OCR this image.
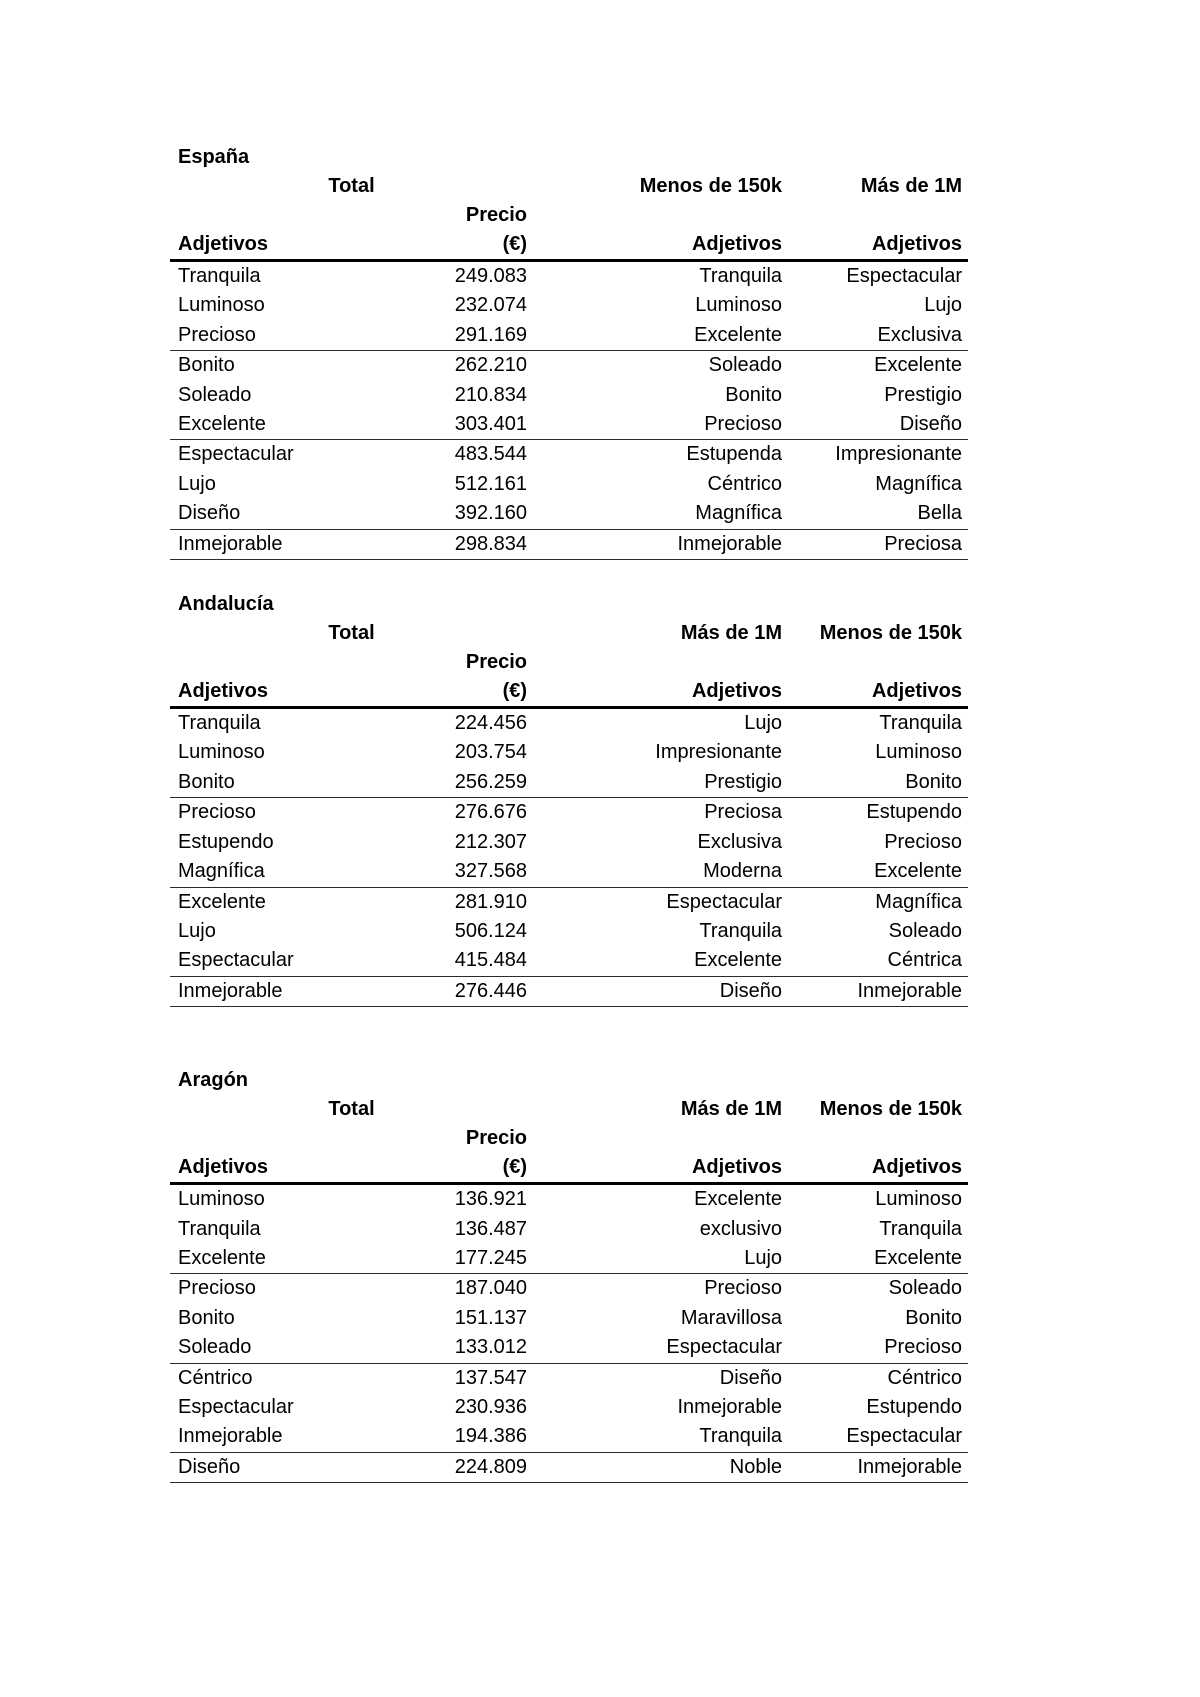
España
Total		Menos de 150k	Más de 1M
	Precio		
Adjetivos	(€)	Adjetivos	Adjetivos
Tranquila	249.083	Tranquila	Espectacular
Luminoso	232.074	Luminoso	Lujo
Precioso	291.169	Excelente	Exclusiva
Bonito	262.210	Soleado	Excelente
Soleado	210.834	Bonito	Prestigio
Excelente	303.401	Precioso	Diseño
Espectacular	483.544	Estupenda	Impresionante
Lujo	512.161	Céntrico	Magnífica
Diseño	392.160	Magnífica	Bella
Inmejorable	298.834	Inmejorable	Preciosa
Andalucía
Total		Más de 1M	Menos de 150k
	Precio		
Adjetivos	(€)	Adjetivos	Adjetivos
Tranquila	224.456	Lujo	Tranquila
Luminoso	203.754	Impresionante	Luminoso
Bonito	256.259	Prestigio	Bonito
Precioso	276.676	Preciosa	Estupendo
Estupendo	212.307	Exclusiva	Precioso
Magnífica	327.568	Moderna	Excelente
Excelente	281.910	Espectacular	Magnífica
Lujo	506.124	Tranquila	Soleado
Espectacular	415.484	Excelente	Céntrica
Inmejorable	276.446	Diseño	Inmejorable
Aragón
Total		Más de 1M	Menos de 150k
	Precio		
Adjetivos	(€)	Adjetivos	Adjetivos
Luminoso	136.921	Excelente	Luminoso
Tranquila	136.487	exclusivo	Tranquila
Excelente	177.245	Lujo	Excelente
Precioso	187.040	Precioso	Soleado
Bonito	151.137	Maravillosa	Bonito
Soleado	133.012	Espectacular	Precioso
Céntrico	137.547	Diseño	Céntrico
Espectacular	230.936	Inmejorable	Estupendo
Inmejorable	194.386	Tranquila	Espectacular
Diseño	224.809	Noble	Inmejorable
